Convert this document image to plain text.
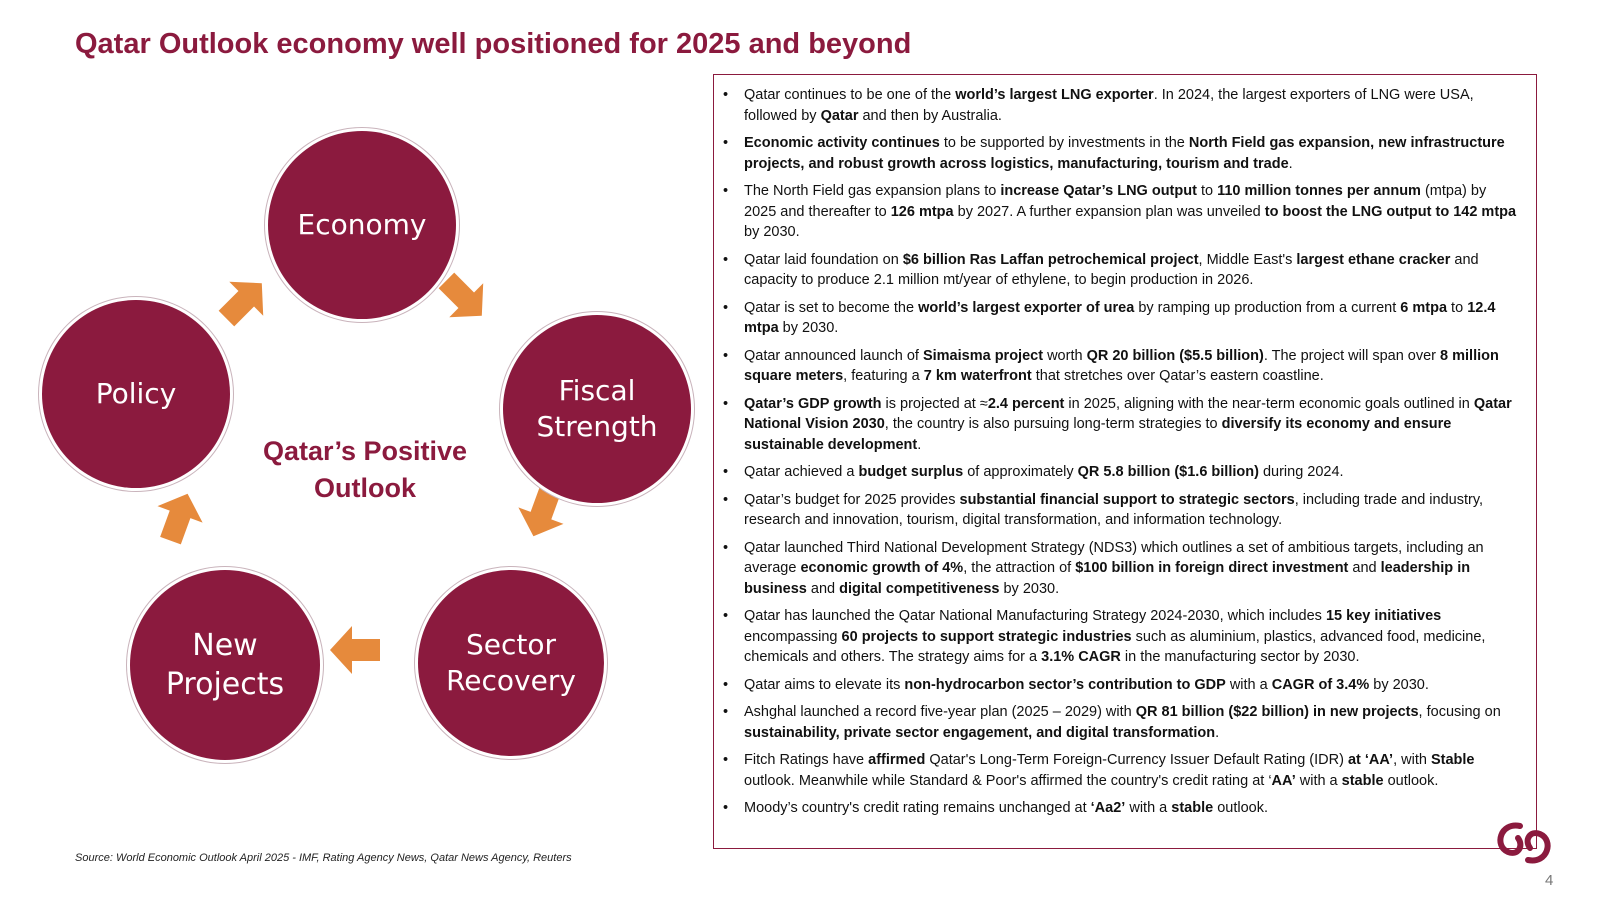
Qatar Outlook economy well positioned for 2025 and beyond
Economy
Fiscal
Strength
Sector
Recovery
New
Projects
Policy
Qatar’s Positive
Outlook
• Qatar continues to be one of the world’s largest LNG exporter. In 2024, the largest exporters of LNG were USA, followed by Qatar and then by Australia.
• Economic activity continues to be supported by investments in the North Field gas expansion, new infrastructure projects, and robust growth across logistics, manufacturing, tourism and trade.
• The North Field gas expansion plans to increase Qatar’s LNG output to 110 million tonnes per annum (mtpa) by 2025 and thereafter to 126 mtpa by 2027. A further expansion plan was unveiled to boost the LNG output to 142 mtpa by 2030.
• Qatar laid foundation on $6 billion Ras Laffan petrochemical project, Middle East's largest ethane cracker and capacity to produce 2.1 million mt/year of ethylene, to begin production in 2026.
• Qatar is set to become the world’s largest exporter of urea by ramping up production from a current 6 mtpa to 12.4 mtpa by 2030.
• Qatar announced launch of Simaisma project worth QR 20 billion ($5.5 billion). The project will span over 8 million square meters, featuring a 7 km waterfront that stretches over Qatar’s eastern coastline.
• Qatar’s GDP growth is projected at ≈2.4 percent in 2025, aligning with the near-term economic goals outlined in Qatar National Vision 2030, the country is also pursuing long-term strategies to diversify its economy and ensure sustainable development.
• Qatar achieved a budget surplus of approximately QR 5.8 billion ($1.6 billion) during 2024.
• Qatar’s budget for 2025 provides substantial financial support to strategic sectors, including trade and industry, research and innovation, tourism, digital transformation, and information technology.
• Qatar launched Third National Development Strategy (NDS3) which outlines a set of ambitious targets, including an average economic growth of 4%, the attraction of $100 billion in foreign direct investment and leadership in business and digital competitiveness by 2030.
• Qatar has launched the Qatar National Manufacturing Strategy 2024-2030, which includes 15 key initiatives encompassing 60 projects to support strategic industries such as aluminium, plastics, advanced food, medicine, chemicals and others. The strategy aims for a 3.1% CAGR in the manufacturing sector by 2030.
• Qatar aims to elevate its non-hydrocarbon sector’s contribution to GDP with a CAGR of 3.4% by 2030.
• Ashghal launched a record five-year plan (2025 – 2029) with QR 81 billion ($22 billion) in new projects, focusing on sustainability, private sector engagement, and digital transformation.
• Fitch Ratings have affirmed Qatar's Long-Term Foreign-Currency Issuer Default Rating (IDR) at ‘AA’, with Stable outlook. Meanwhile while Standard & Poor's affirmed the country's credit rating at ‘AA’ with a stable outlook.
• Moody’s country's credit rating remains unchanged at ‘Aa2’ with a stable outlook.
Source: World Economic Outlook April 2025 - IMF, Rating Agency News, Qatar News Agency, Reuters
4
